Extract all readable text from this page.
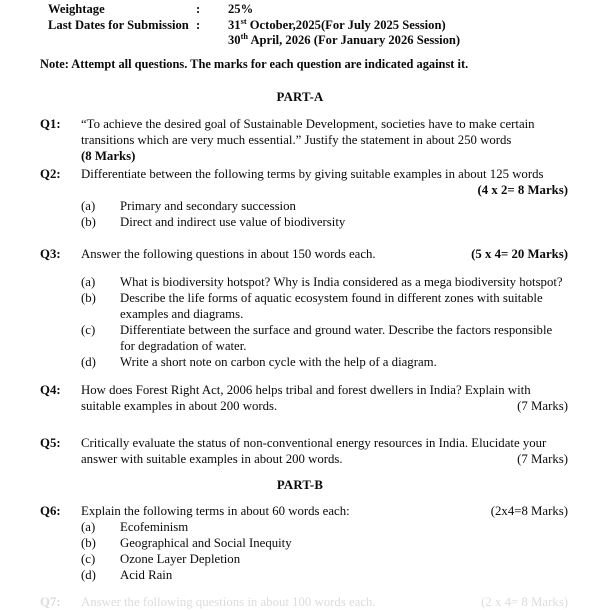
Weightage	:	25%
Last Dates for Submission :	31st October,2025(For July 2025 Session)
30th April, 2026 (For January 2026 Session)
Note: Attempt all questions. The marks for each question are indicated against it.
PART-A
Q1: “To achieve the desired goal of Sustainable Development, societies have to make certain transitions which are very much essential.” Justify the statement in about 250 words(8 Marks)
Q2: Differentiate between the following terms by giving suitable examples in about 125 words
(4 x 2= 8 Marks)
(a) Primary and secondary succession
(b) Direct and indirect use value of biodiversity
Q3: Answer the following questions in about 150 words each.	(5 x 4= 20 Marks)
(a) What is biodiversity hotspot? Why is India considered as a mega biodiversity hotspot?
(b) Describe the life forms of aquatic ecosystem found in different zones with suitable examples and diagrams.
(c) Differentiate between the surface and ground water. Describe the factors responsible for degradation of water.
(d) Write a short note on carbon cycle with the help of a diagram.
Q4: How does Forest Right Act, 2006 helps tribal and forest dwellers in India? Explain with suitable examples in about 200 words.	(7 Marks)
Q5: Critically evaluate the status of non-conventional energy resources in India. Elucidate your answer with suitable examples in about 200 words.	(7 Marks)
PART-B
Q6: Explain the following terms in about 60 words each:	(2x4=8 Marks)
(a) Ecofeminism
(b) Geographical and Social Inequity
(c) Ozone Layer Depletion
(d) Acid Rain
Q7: Answer the following questions in about 100 words each.	(2 x 4= 8 Marks)
